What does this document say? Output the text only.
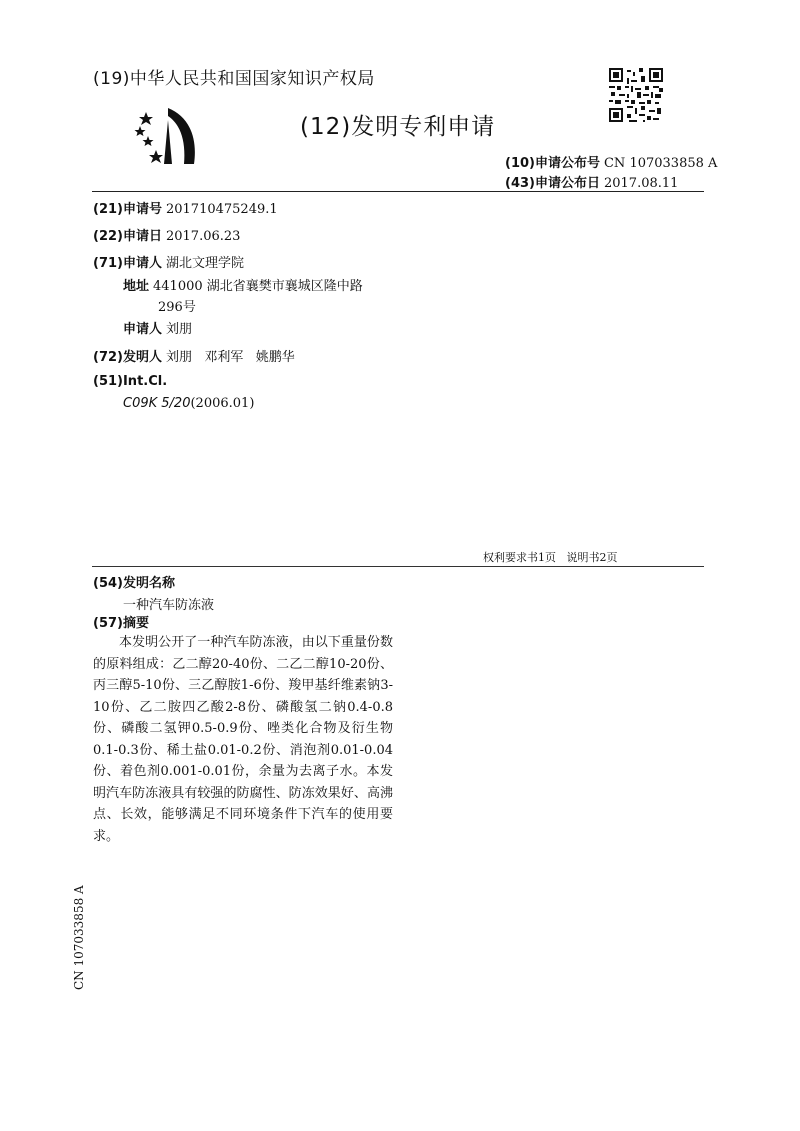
(19)中华人民共和国国家知识产权局
(12)发明专利申请
(10)申请公布号 CN 107033858 A
(43)申请公布日 2017.08.11
(21)申请号 201710475249.1
(22)申请日 2017.06.23
(71)申请人 湖北文理学院
地址 441000 湖北省襄樊市襄城区隆中路
296号
申请人 刘朋
(72)发明人 刘朋   邓利军   姚鹏华
(51)Int.Cl.
C09K 5/20(2006.01)
权利要求书1页   说明书2页
(54)发明名称
一种汽车防冻液
(57)摘要
本发明公开了一种汽车防冻液，由以下重量份数的原料组成：乙二醇20-40份、二乙二醇10-20份、丙三醇5-10份、三乙醇胺1-6份、羧甲基纤维素钠3-10份、乙二胺四乙酸2-8份、磷酸氢二钠0.4-0.8份、磷酸二氢钾0.5-0.9份、唑类化合物及衍生物0.1-0.3份、稀土盐0.01-0.2份、消泡剂0.01-0.04份、着色剂0.001-0.01份，余量为去离子水。本发明汽车防冻液具有较强的防腐性、防冻效果好、高沸点、长效，能够满足不同环境条件下汽车的使用要求。
CN 107033858 A
